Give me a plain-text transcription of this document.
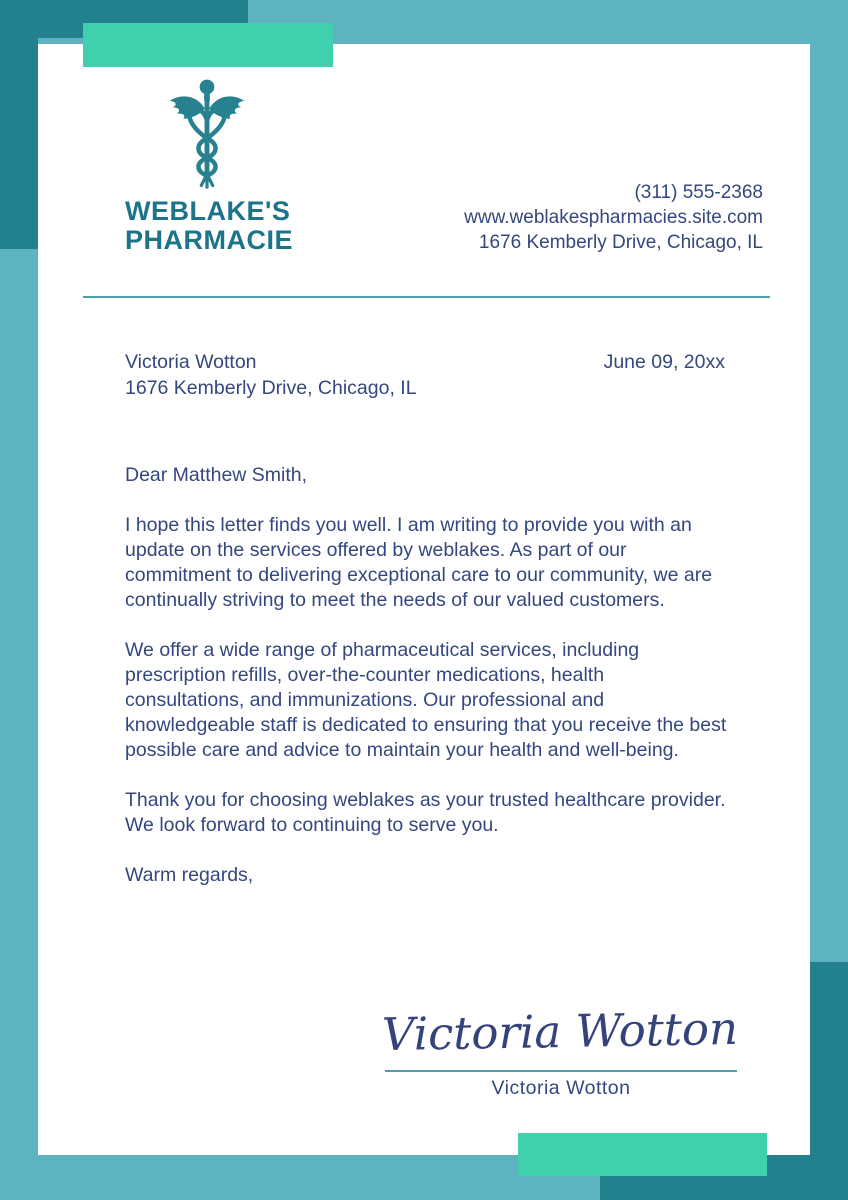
WEBLAKE'S
PHARMACIE
(311) 555-2368
www.weblakespharmacies.site.com
1676 Kemberly Drive, Chicago, IL
Victoria Wotton
1676 Kemberly Drive, Chicago, IL
June 09, 20xx

Dear Matthew Smith,

I hope this letter finds you well. I am writing to provide you with an update on the services offered by weblakes. As part of our commitment to delivering exceptional care to our community, we are continually striving to meet the needs of our valued customers.

We offer a wide range of pharmaceutical services, including prescription refills, over-the-counter medications, health consultations, and immunizations. Our professional and knowledgeable staff is dedicated to ensuring that you receive the best possible care and advice to maintain your health and well-being.

Thank you for choosing weblakes as your trusted healthcare provider. We look forward to continuing to serve you.

Warm regards,

Victoria Wotton
Victoria Wotton
